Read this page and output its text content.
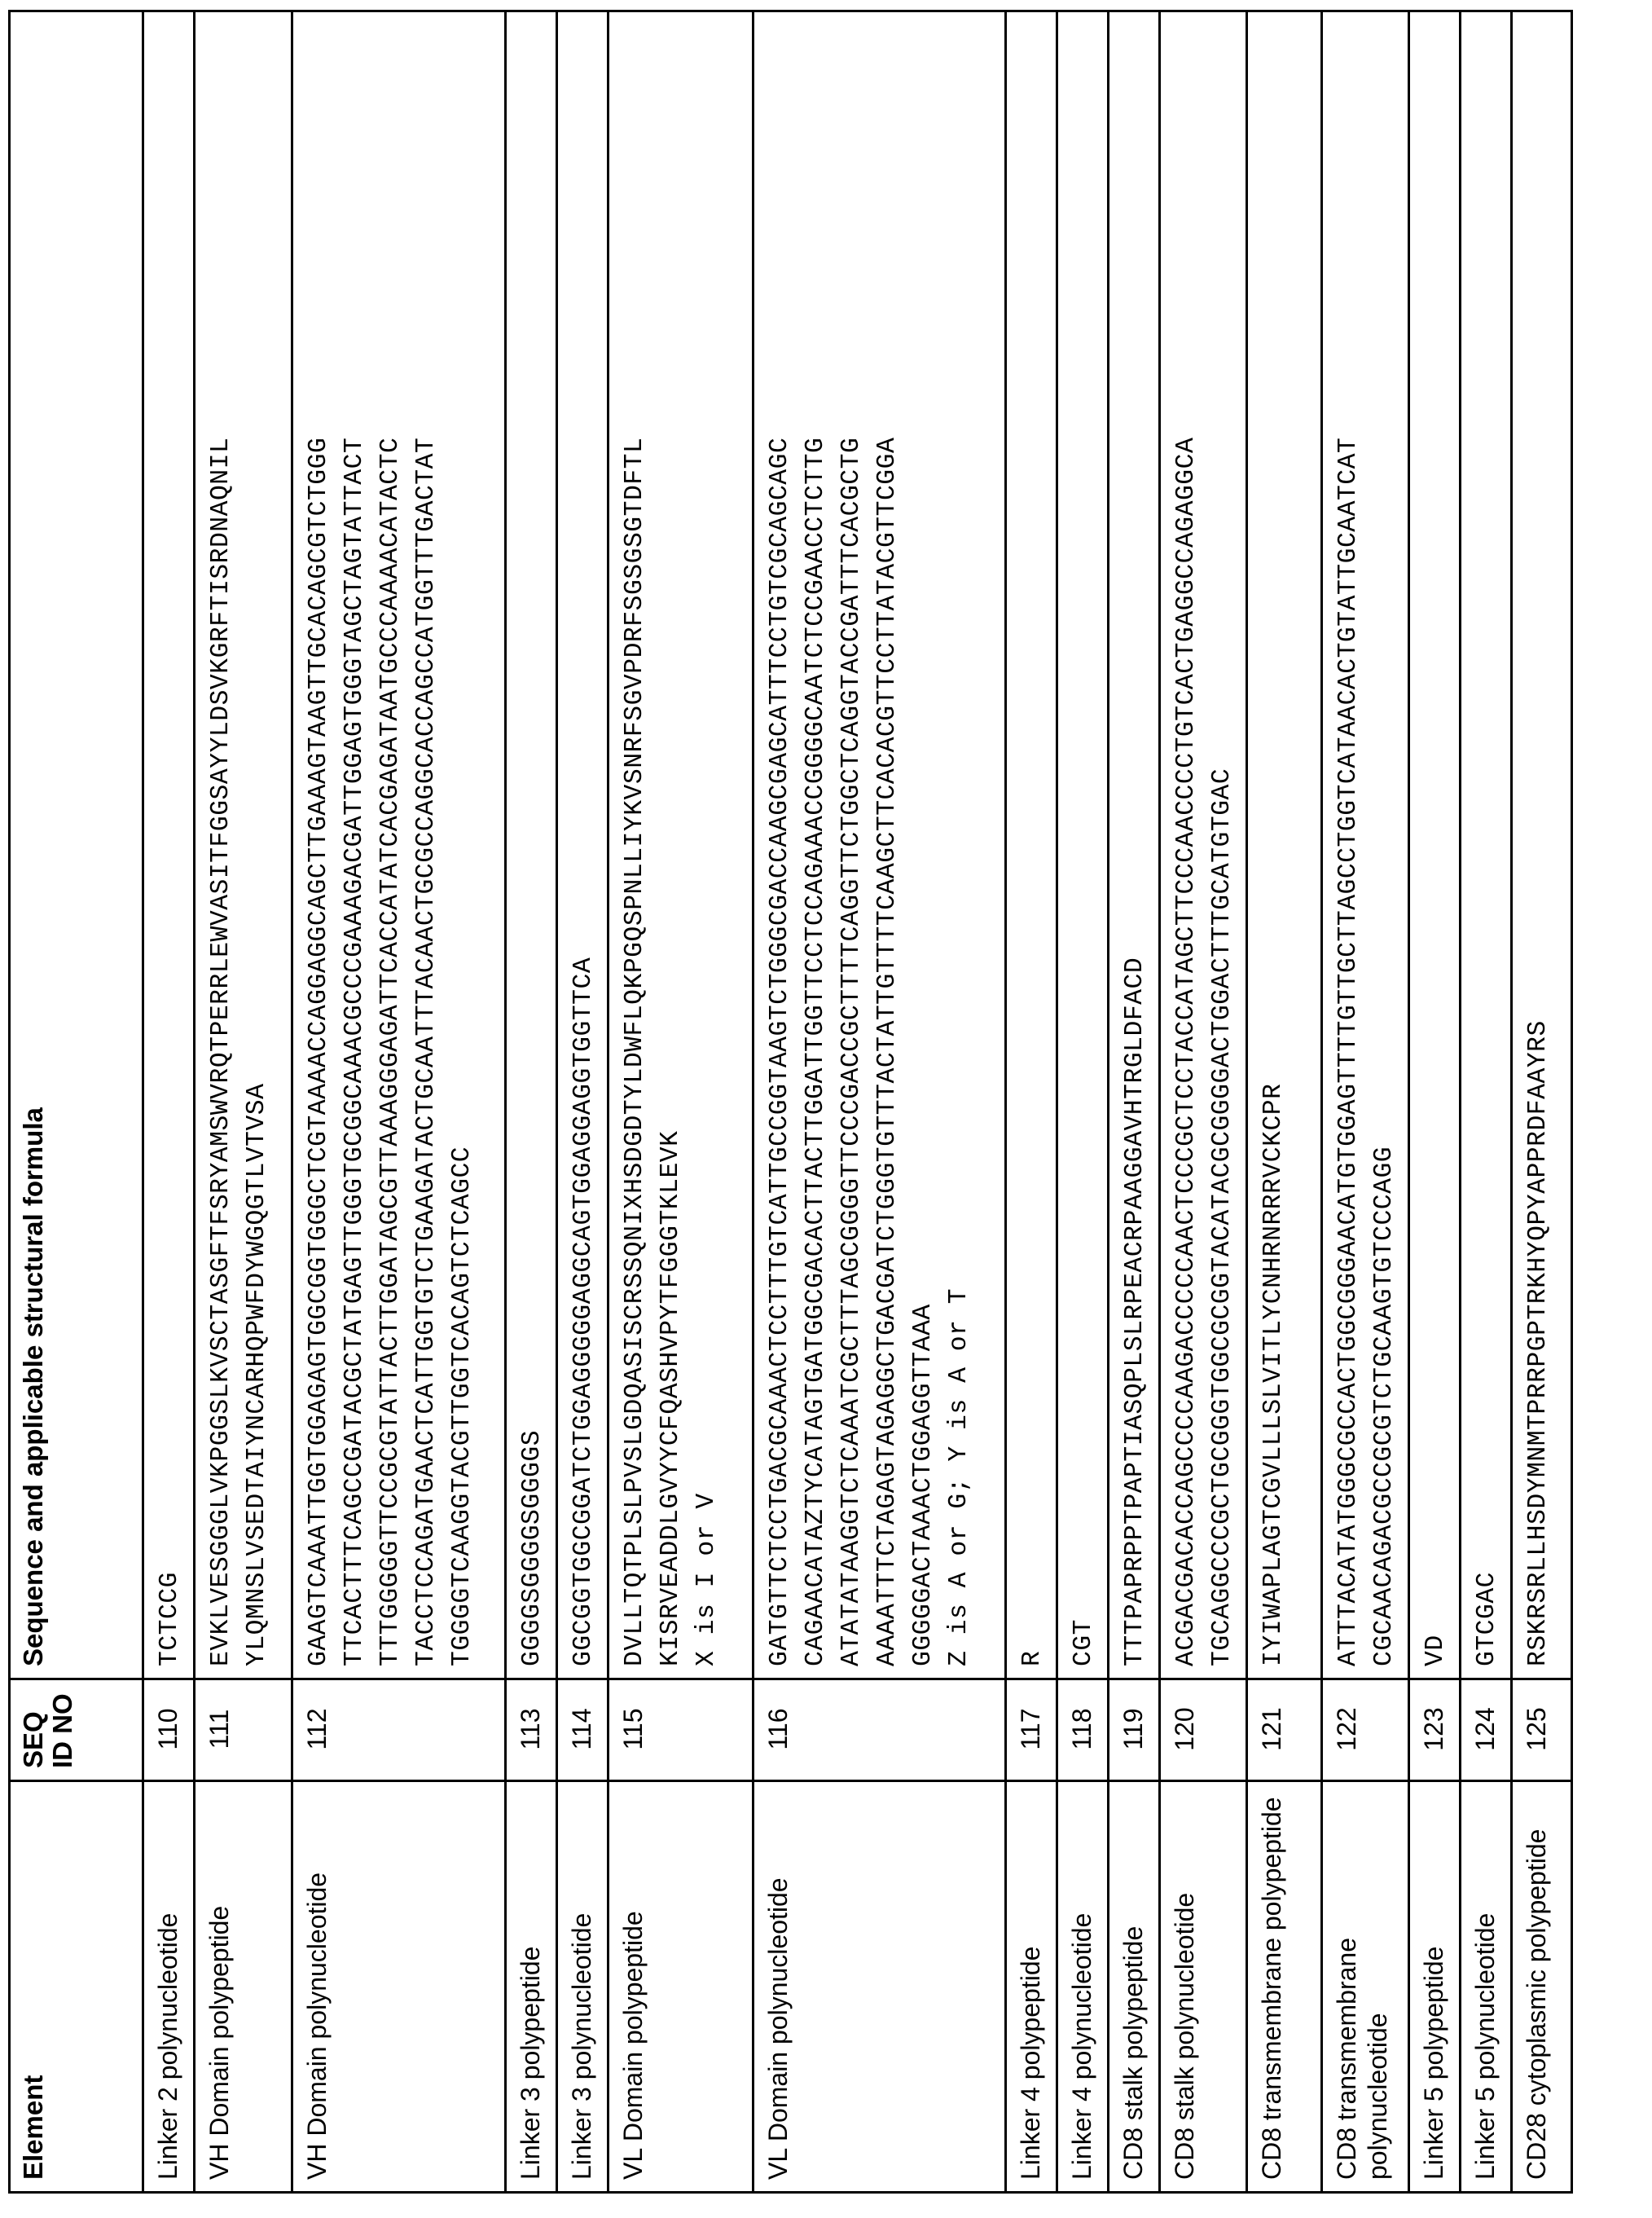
Element	SEQ ID NO	Sequence and applicable structural formula
Linker 2 polynucleotide	110	TCTCCG

VH Domain polypeptide	111	EVKLVESGGGLVKPGGSLKVSCTASGFTFSRYAMSWVRQTPERRLEWVASITFGGSAYYLDSVKGRFTISRDNAQNIL YLQMNSLVSEDTAIYNCARHQPWFDYWGQGTLVTVSA

VH Domain polynucleotide	112	GAAGTCAAATTGGTGGAGAGTGGCGGTGGGCTCGTAAAACCAGGAGGCAGCTTGAAAGTAAGTTGCACAGCGTCTGGG TTCACTTTCAGCCGATACGCTATGAGTTGGGTGCGGCAAACGCCCGAAAGACGATTGGAGTGGGTAGCTAGTATTACT TTTGGGGGTTCCGCGTATTACTTGGATAGCGTTAAAGGGAGATTCACCATATCACGAGATAATGCCCAAAACATACTC TACCTCCAGATGAACTCATTGGTGTCTGAAGATACTGCAATTTACAACTGCGCCAGGCACCAGCCATGGTTTGACTAT TGGGGTCAAGGTACGTTGGTCACAGTCTCAGCC

Linker 3 polypeptide	113	GGGGSGGGGSGGGGS

Linker 3 polynucleotide	114	GGCGGTGGCGGATCTGGAGGGGGAGGCAGTGGAGGAGGTGGTTCA

VL Domain polypeptide	115	DVLLTQTPLSLPVSLGDQASISCRSSQNIXHSDGDTYLDWFLQKPGQSPNLLIYKVSNRFSGVPDRFSGSGSGTDFTL KISRVEADDLGVYYCFQASHVPYTFGGGTKLEVK X is I or V

VL Domain polynucleotide	116	
GATGTTCTCCTGACGCAAACTCCTTTGTCATTGCCGGTAAGTCTGGGCGACCAAGCGAGCATTTCCTGTCGCAGCAGC CAGAACATAZTYCATAGTGATGGCGACACTTACTTGGATTGGTTCCTCCAGAAACCGGGGCAATCTCCGAACCTCTTG ATATATAAGGTCTCAAATCGCTTTAGCGGGGTTCCCGACCGCTTTTCAGGTTCTGGCTCAGGTACCGATTTCACGCTG AAAATTTCTAGAGTAGAGGCTGACGATCTGGGTGTTTACTATTGTTTTCAAGCTTCACACGTTCCTTATACGTTCGGA GGGGGACTAAACTGGAGGTTAAA Z is A or G; Y is A or T

Linker 4 polypeptide	117	R

Linker 4 polynucleotide	118	CGT

CD8 stalk polypeptide	119	TTTPAPRPPTPAPTIASQPLSLRPEACRPAAGGAVHTRGLDFACD

CD8 stalk polynucleotide	120	ACGACGACACCAGCCCCAAGACCCCCAACTCCCGCTCCTACCATAGCTTCCCAACCCCTGTCACTGAGGCCAGAGGCA TGCAGGCCCGCTGCGGGTGGCGCGGTACATACGCGGGGACTGGACTTTGCATGTGAC

CD8 transmembrane polypeptide	121	IYIWAPLAGTCGVLLLSLVITLYCNHRNRRRVCKCPR

CD8 transmembrane polynucleotide	122	ATTTACATATGGGCGCCACTGGCGGGAACATGTGGAGTTTTGTTGCTTAGCCTGGTCATAACACTGTATTGCAATCAT CGCAACAGACGCCGCGTCTGCAAGTGTCCCAGG

Linker 5 polypeptide	123	VD

Linker 5 polynucleotide	124	GTCGAC

CD28 cytoplasmic polypeptide	125	RSKRSRLLHSDYMNMTPRRPGPTRKHYQPYAPPRDFAAYRS
